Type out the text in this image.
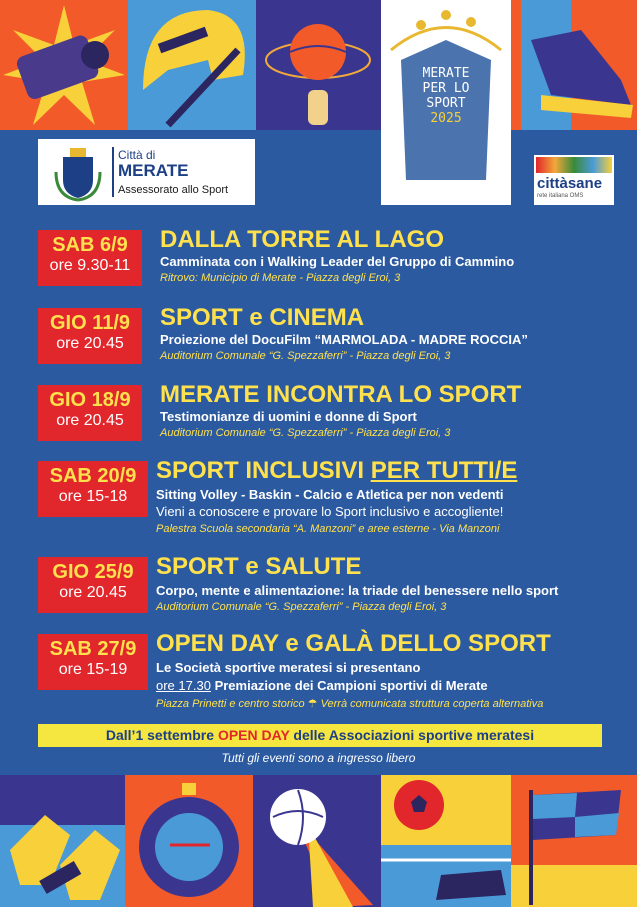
Città di
MERATE
Assessorato allo Sport
MERATE
PER LO
SPORT
2025
cittàsane
rete italiana OMS
SAB 6/9
ore 9.30-11
DALLA TORRE AL LAGO
Camminata con i Walking Leader del Gruppo di Cammino
Ritrovo: Municipio di Merate - Piazza degli Eroi, 3
GIO 11/9
ore 20.45
SPORT e CINEMA
Proiezione del DocuFilm “MARMOLADA - MADRE ROCCIA”
Auditorium Comunale “G. Spezzaferri” - Piazza degli Eroi, 3
GIO 18/9
ore 20.45
MERATE INCONTRA LO SPORT
Testimonianze di uomini e donne di Sport
Auditorium Comunale “G. Spezzaferri” - Piazza degli Eroi, 3
SAB 20/9
ore 15-18
SPORT INCLUSIVI PER TUTTI/E
Sitting Volley - Baskin - Calcio e Atletica per non vedenti
Vieni a conoscere e provare lo Sport inclusivo e accogliente!
Palestra Scuola secondaria “A. Manzoni” e aree esterne - Via Manzoni
GIO 25/9
ore 20.45
SPORT e SALUTE
Corpo, mente e alimentazione: la triade del benessere nello sport
Auditorium Comunale “G. Spezzaferri” - Piazza degli Eroi, 3
SAB 27/9
ore 15-19
OPEN DAY e GALÀ DELLO SPORT
Le Società sportive meratesi si presentano
ore 17.30 Premiazione dei Campioni sportivi di Merate
Piazza Prinetti e centro storico ☂ Verrà comunicata struttura coperta alternativa
Dall’1 settembre OPEN DAY delle Associazioni sportive meratesi
Tutti gli eventi sono a ingresso libero
